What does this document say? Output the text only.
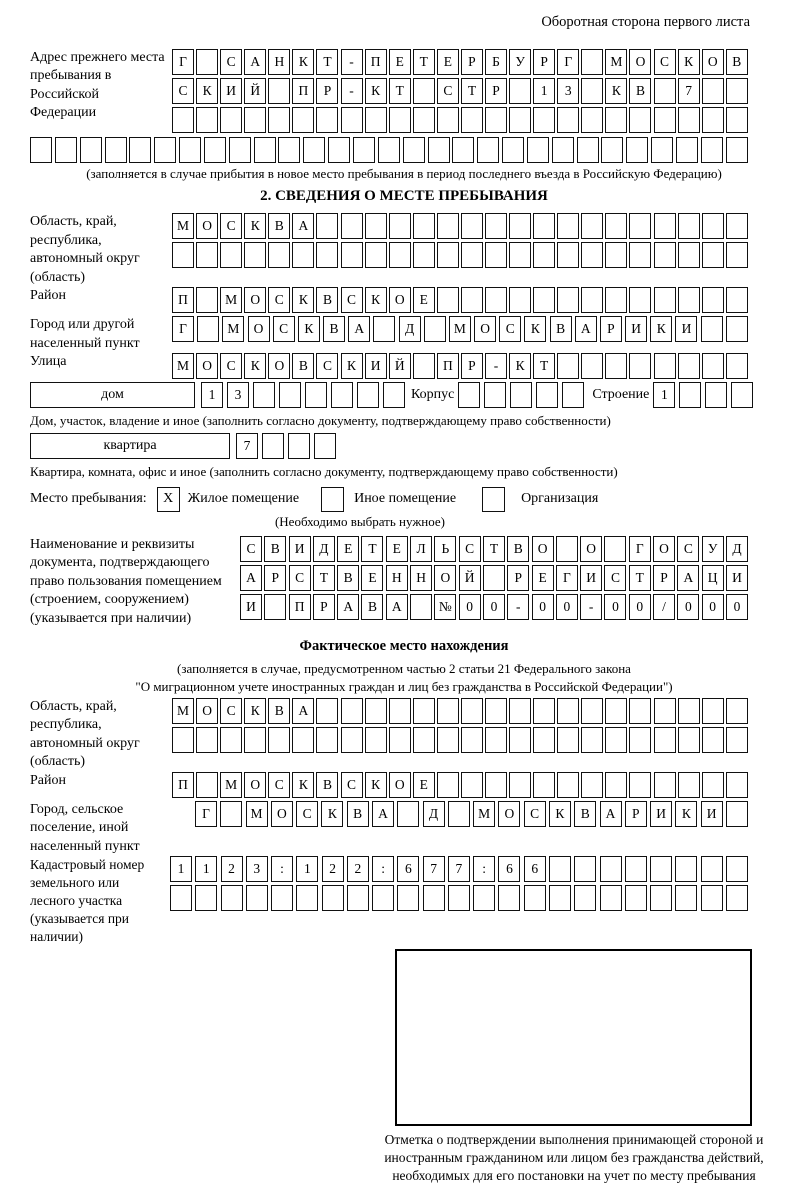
Оборотная сторона первого листа
Адрес прежнего места пребывания в Российской Федерации
Г	С	А	Н	К	Т	-	П	Е	Т	Е	Р	Б	У	Р	Г	М О	С	К	О	В
С	К	И	Й	П	Р	-	К	Т	С	Т	Р	1	3	К	В	7
(заполняется в случае прибытия в новое место пребывания в период последнего въезда в Российскую Федерацию)
2. СВЕДЕНИЯ О МЕСТЕ ПРЕБЫВАНИЯ
Область, край, республика, автономный округ (область)
М О	С	К	В	А
Район	П	М О	С	К	В	С	К	О	Е
Город или другой населенный пункт
Г	М	О	С	К	В	А	Д	М	О	С	К	В	А	Р	И	К	И
Улица	М О	С	К	О	В	С	К	И	Й	П	Р	-	К	Т
дом	1	3	Корпус	Строение 1
Дом, участок, владение и иное (заполнить согласно документу, подтверждающему право собственности)
квартира	7
Квартира, комната, офис и иное (заполнить согласно документу, подтверждающему право собственности)
Место пребывания:	X	Жилое помещение	Иное помещение	Организация
(Необходимо выбрать нужное)
Наименование и реквизиты документа, подтверждающего право пользования помещением (строением, сооружением) (указывается при наличии)
С	В	И	Д	Е	Т	Е	Л	Ь	С	Т	В	О	О	Г	О	С	У	Д
А	Р	С	Т	В	Е	Н	Н	О	Й	Р	Е	Г	И	С	Т	Р	А	Ц	И
И	П	Р	А	В	А	№	0	0	-	0	0	-	0	0	/	0	0	0
Фактическое место нахождения
(заполняется в случае, предусмотренном частью 2 статьи 21 Федерального закона
"О миграционном учете иностранных граждан и лиц без гражданства в Российской Федерации")
Область, край, республика, автономный округ (область)
М О	С	К	В	А
Район	П	М О	С	К	В	С	К	О	Е
Город, сельское поселение, иной населенный пункт
Г	М	О	С	К	В	А	Д	М	О	С	К	В	А	Р	И	К	И
Кадастровый номер земельного или лесного участка (указывается при наличии)
1	1	2	3	:	1	2	2	:	6	7	7	:	6	6
Отметка о подтверждении выполнения принимающей стороной и иностранным гражданином или лицом без гражданства действий, необходимых для его постановки на учет по месту пребывания
